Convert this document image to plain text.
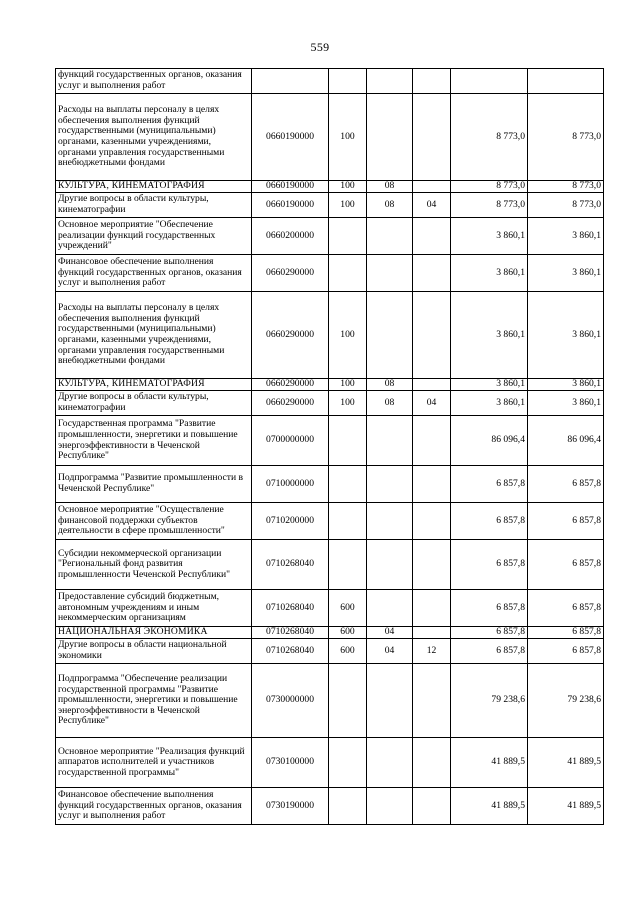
559
функций государственных органов, оказания услуг и выполнения работ						
Расходы на выплаты персоналу в целях обеспечения выполнения функций государственными (муниципальными) органами, казенными учреждениями, органами управления государственными внебюджетными фондами	0660190000	100			8 773,0	8 773,0
КУЛЬТУРА, КИНЕМАТОГРАФИЯ	0660190000	100	08		8 773,0	8 773,0
Другие вопросы в области культуры, кинематографии	0660190000	100	08	04	8 773,0	8 773,0
Основное мероприятие "Обеспечение реализации функций государственных учреждений"	0660200000				3 860,1	3 860,1
Финансовое обеспечение выполнения функций государственных органов, оказания услуг и выполнения работ	0660290000				3 860,1	3 860,1
Расходы на выплаты персоналу в целях обеспечения выполнения функций государственными (муниципальными) органами, казенными учреждениями, органами управления государственными внебюджетными фондами	0660290000	100			3 860,1	3 860,1
КУЛЬТУРА, КИНЕМАТОГРАФИЯ	0660290000	100	08		3 860,1	3 860,1
Другие вопросы в области культуры, кинематографии	0660290000	100	08	04	3 860,1	3 860,1
Государственная программа "Развитие промышленности, энергетики и повышение энергоэффективности в Чеченской Республике"	0700000000				86 096,4	86 096,4
Подпрограмма "Развитие промышленности в Чеченской Республике"	0710000000				6 857,8	6 857,8
Основное мероприятие "Осуществление финансовой поддержки субъектов деятельности в сфере промышленности"	0710200000				6 857,8	6 857,8
Субсидии некоммерческой организации "Региональный фонд развития промышленности Чеченской Республики"	0710268040				6 857,8	6 857,8
Предоставление субсидий бюджетным, автономным учреждениям и иным некоммерческим организациям	0710268040	600			6 857,8	6 857,8
НАЦИОНАЛЬНАЯ ЭКОНОМИКА	0710268040	600	04		6 857,8	6 857,8
Другие вопросы в области национальной экономики	0710268040	600	04	12	6 857,8	6 857,8
Подпрограмма "Обеспечение реализации государственной программы "Развитие промышленности, энергетики и повышение энергоэффективности в Чеченской Республике"	0730000000				79 238,6	79 238,6
Основное мероприятие "Реализация функций аппаратов исполнителей и участников государственной программы"	0730100000				41 889,5	41 889,5
Финансовое обеспечение выполнения функций государственных органов, оказания услуг и выполнения работ	0730190000				41 889,5	41 889,5
